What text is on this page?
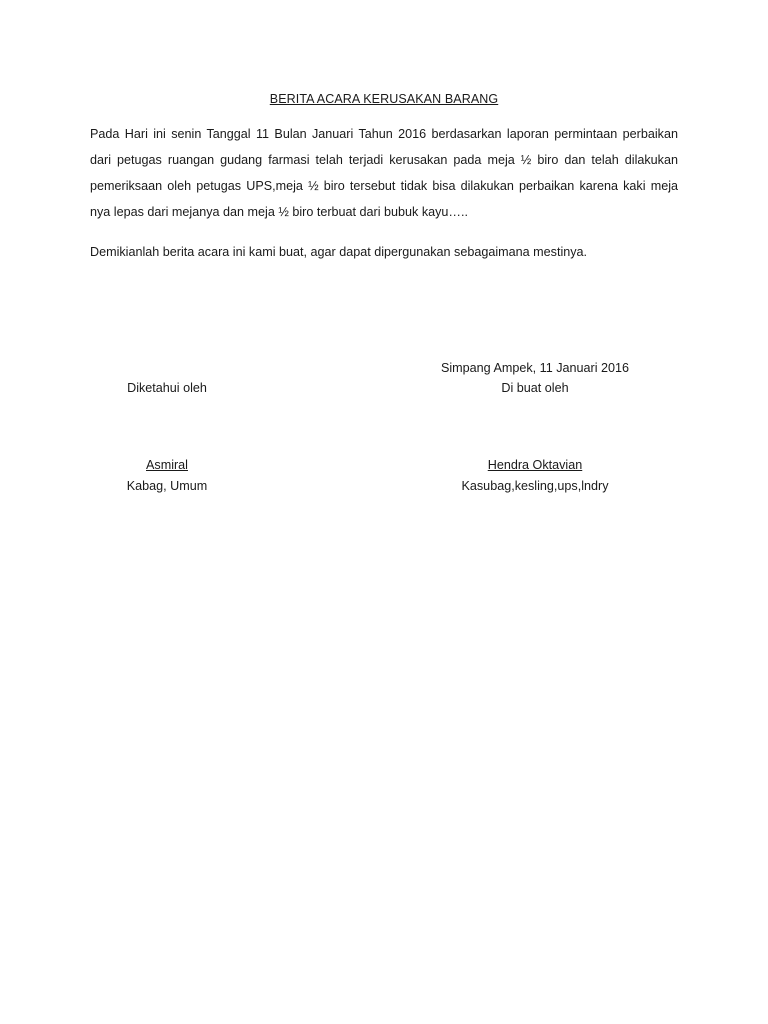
BERITA ACARA KERUSAKAN BARANG

Pada Hari ini senin Tanggal 11 Bulan Januari Tahun 2016 berdasarkan laporan permintaan perbaikan dari petugas ruangan gudang farmasi telah terjadi kerusakan pada meja ½ biro dan telah dilakukan pemeriksaan oleh petugas UPS,meja ½ biro tersebut tidak bisa dilakukan perbaikan karena kaki meja nya lepas dari mejanya dan meja ½ biro terbuat dari bubuk kayu…..

Demikianlah berita acara ini kami buat, agar dapat dipergunakan sebagaimana mestinya.

Simpang Ampek, 11 Januari 2016
Diketahui oleh	Di buat oleh
Asmiral	Hendra Oktavian
Kabag, Umum	Kasubag,kesling,ups,lndry
